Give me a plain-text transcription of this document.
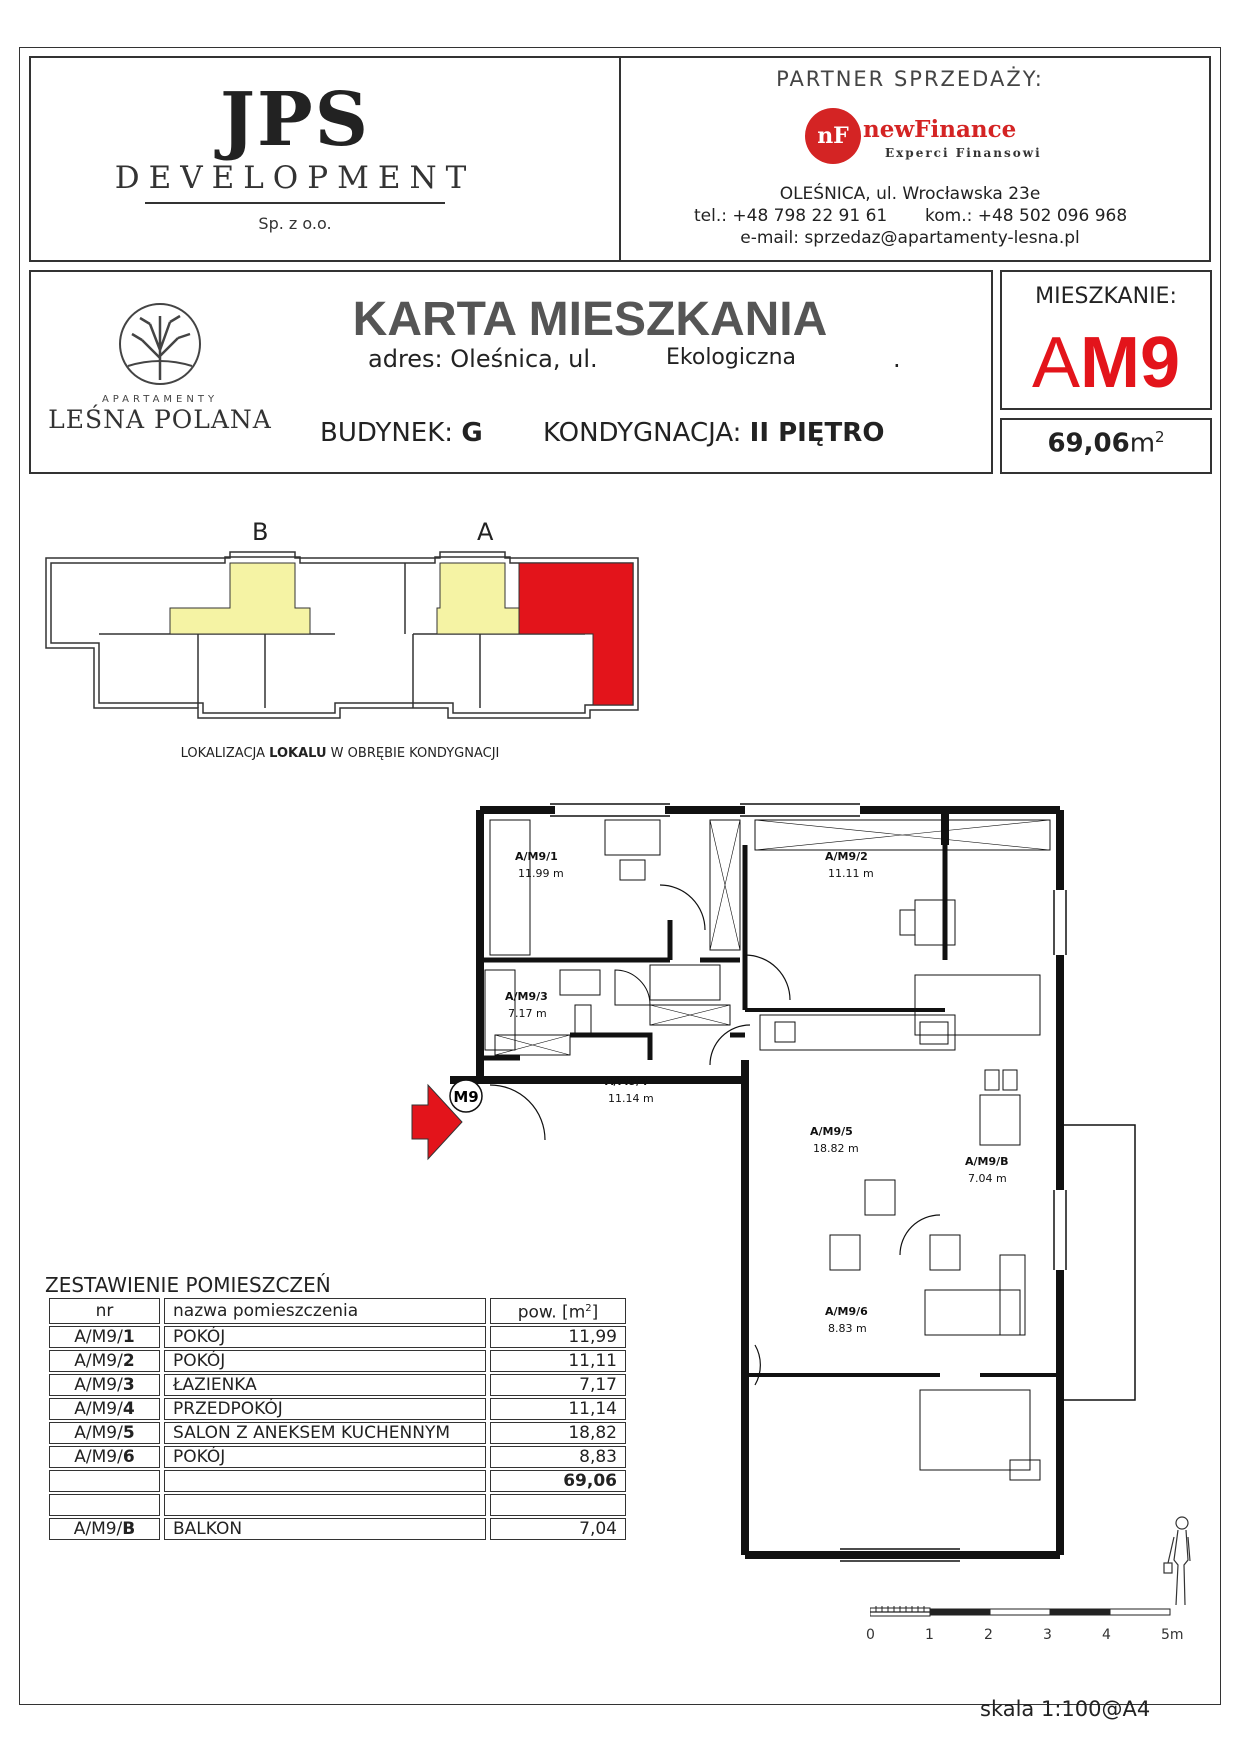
JPS
DEVELOPMENT
Sp. z o.o.
PARTNER SPRZEDAŻY:
nF newFinance
Experci Finansowi
OLEŚNICA, ul. Wrocławska 23e
tel.: +48 798 22 91 61 kom.: +48 502 096 968
e-mail: sprzedaz@apartamenty-lesna.pl
APARTAMENTY
LEŚNA POLANA
KARTA MIESZKANIA
adres: Oleśnica, ul.	Ekologiczna	.
BUDYNEK: G KONDYGNACJA: II PIĘTRO
MIESZKANIE:
AM9
$69,06m^2$
B	A
LOKALIZACJA LOKALU W OBRĘBIE KONDYGNACJI
M9
A/M9/1
11.99 m
A/M9/2
11.11 m
A/M9/3
7.17 m
A/M9/4
11.14 m
A/M9/5
18.82 m
A/M9/6
8.83 m
A/M9/B
7.04 m
ZESTAWIENIE POMIESZCZEŃ
nr	nazwa pomieszczenia	pow. $[m^2]$
A/M9/1	POKÓJ	11,99
A/M9/2	POKÓJ	11,11
A/M9/3	ŁAZIENKA	7,17
A/M9/4	PRZEDPOKÓJ	11,14
A/M9/5	SALON Z ANEKSEM KUCHENNYM	18,82
A/M9/6	POKÓJ	8,83
		69,06

A/M9/B	BALKON	7,04
0	1	2	3	4	5m
skala 1:100@A4
